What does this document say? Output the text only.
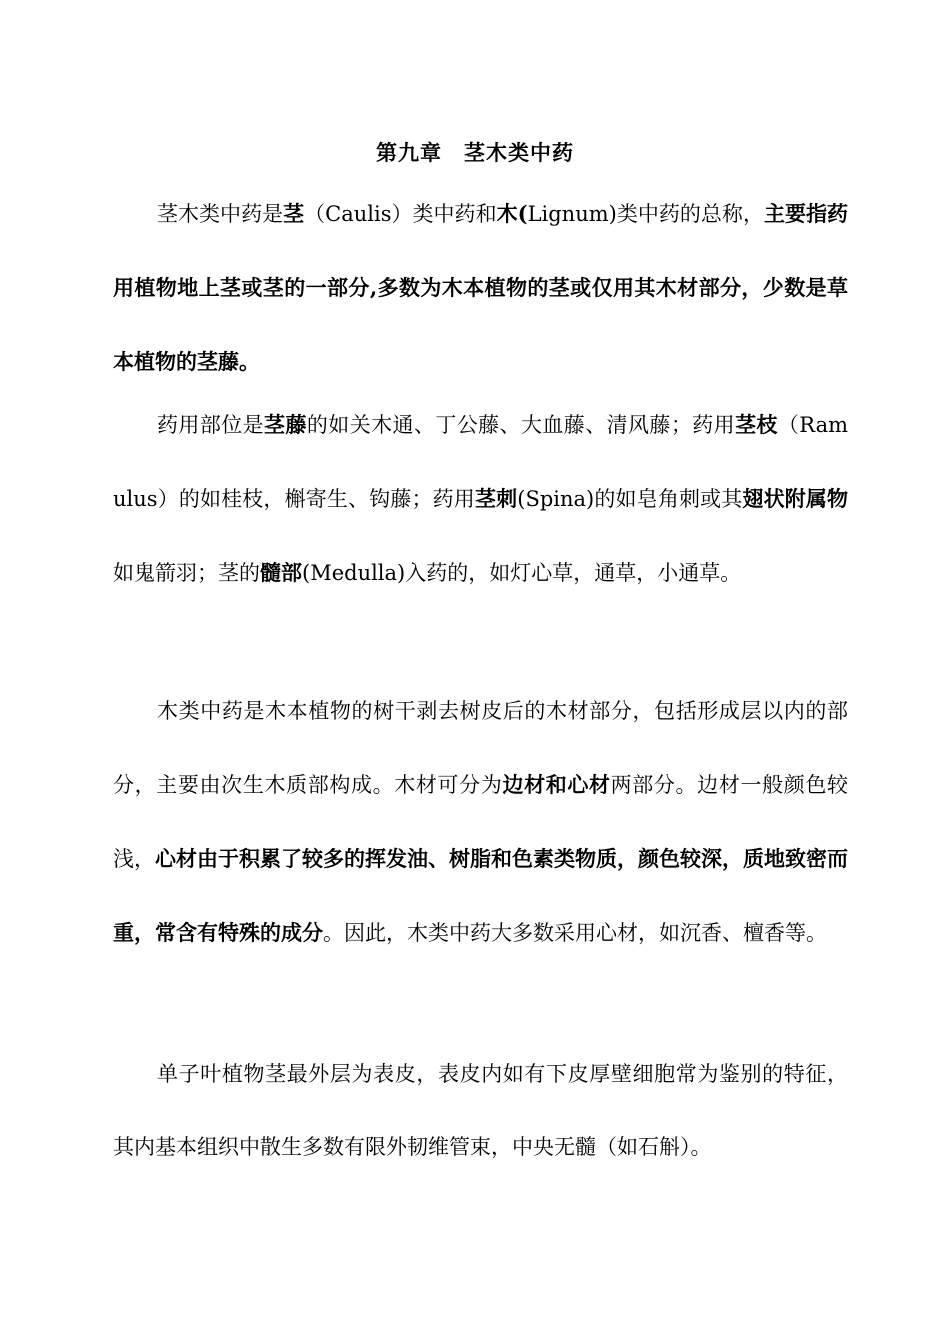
第九章　茎木类中药

茎木类中药是茎（Caulis）类中药和木(Lignum)类中药的总称，主要指药用植物地上茎或茎的一部分,多数为木本植物的茎或仅用其木材部分，少数是草本植物的茎藤。

药用部位是茎藤的如关木通、丁公藤、大血藤、清风藤；药用茎枝（Ramulus）的如桂枝，槲寄生、钩藤；药用茎刺(Spina)的如皂角刺或其翅状附属物如鬼箭羽；茎的髓部(Medulla)入药的，如灯心草，通草，小通草。

木类中药是木本植物的树干剥去树皮后的木材部分，包括形成层以内的部分，主要由次生木质部构成。木材可分为边材和心材两部分。边材一般颜色较浅，心材由于积累了较多的挥发油、树脂和色素类物质，颜色较深，质地致密而重，常含有特殊的成分。因此，木类中药大多数采用心材，如沉香、檀香等。

单子叶植物茎最外层为表皮，表皮内如有下皮厚壁细胞常为鉴别的特征，其内基本组织中散生多数有限外韧维管束，中央无髓（如石斛）。
